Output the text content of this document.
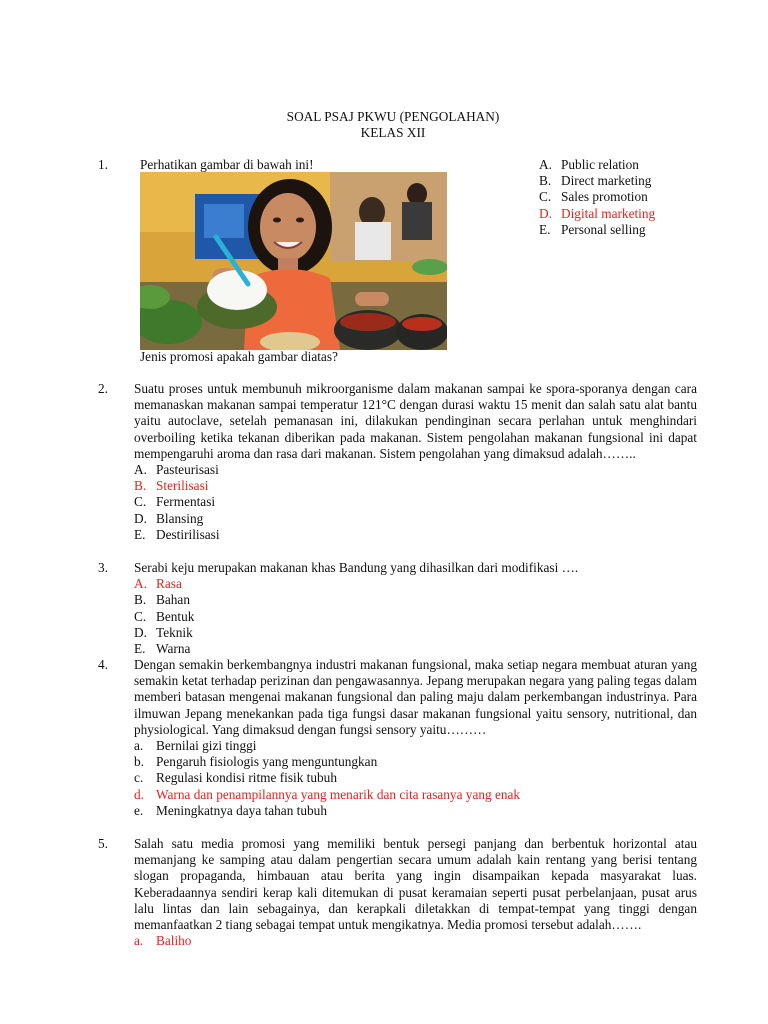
SOAL PSAJ PKWU (PENGOLAHAN)
KELAS XII
1. Perhatikan gambar di bawah ini!
Jenis promosi apakah gambar diatas?
A. Public relation
B. Direct marketing
C. Sales promotion
D. Digital marketing
E. Personal selling
2. Suatu proses untuk membunuh mikroorganisme dalam makanan sampai ke spora-sporanya dengan cara memanaskan makanan sampai temperatur 121°C dengan durasi waktu 15 menit dan salah satu alat bantu yaitu autoclave, setelah pemanasan ini, dilakukan pendinginan secara perlahan untuk menghindari overboiling ketika tekanan diberikan pada makanan. Sistem pengolahan makanan fungsional ini dapat mempengaruhi aroma dan rasa dari makanan. Sistem pengolahan yang dimaksud adalah……..

A. Pasteurisasi
B. Sterilisasi
C. Fermentasi
D. Blansing
E. Destirilisasi
3. Serabi keju merupakan makanan khas Bandung yang dihasilkan dari modifikasi ….

A. Rasa
B. Bahan
C. Bentuk
D. Teknik
E. Warna
4. Dengan semakin berkembangnya industri makanan fungsional, maka setiap negara membuat aturan yang semakin ketat terhadap perizinan dan pengawasannya. Jepang merupakan negara yang paling tegas dalam memberi batasan mengenai makanan fungsional dan paling maju dalam perkembangan industrinya. Para ilmuwan Jepang menekankan pada tiga fungsi dasar makanan fungsional yaitu sensory, nutritional, dan physiological. Yang dimaksud dengan fungsi sensory yaitu………

a. Bernilai gizi tinggi
b. Pengaruh fisiologis yang menguntungkan
c. Regulasi kondisi ritme fisik tubuh
d. Warna dan penampilannya yang menarik dan cita rasanya yang enak
e. Meningkatnya daya tahan tubuh
5. Salah satu media promosi yang memiliki bentuk persegi panjang dan berbentuk horizontal atau memanjang ke samping atau dalam pengertian secara umum adalah kain rentang yang berisi tentang slogan propaganda, himbauan atau berita yang ingin disampaikan kepada masyarakat luas. Keberadaannya sendiri kerap kali ditemukan di pusat keramaian seperti pusat perbelanjaan, pusat arus lalu lintas dan lain sebagainya, dan kerapkali diletakkan di tempat-tempat yang tinggi dengan memanfaatkan 2 tiang sebagai tempat untuk mengikatnya. Media promosi tersebut adalah…….

a. Baliho
